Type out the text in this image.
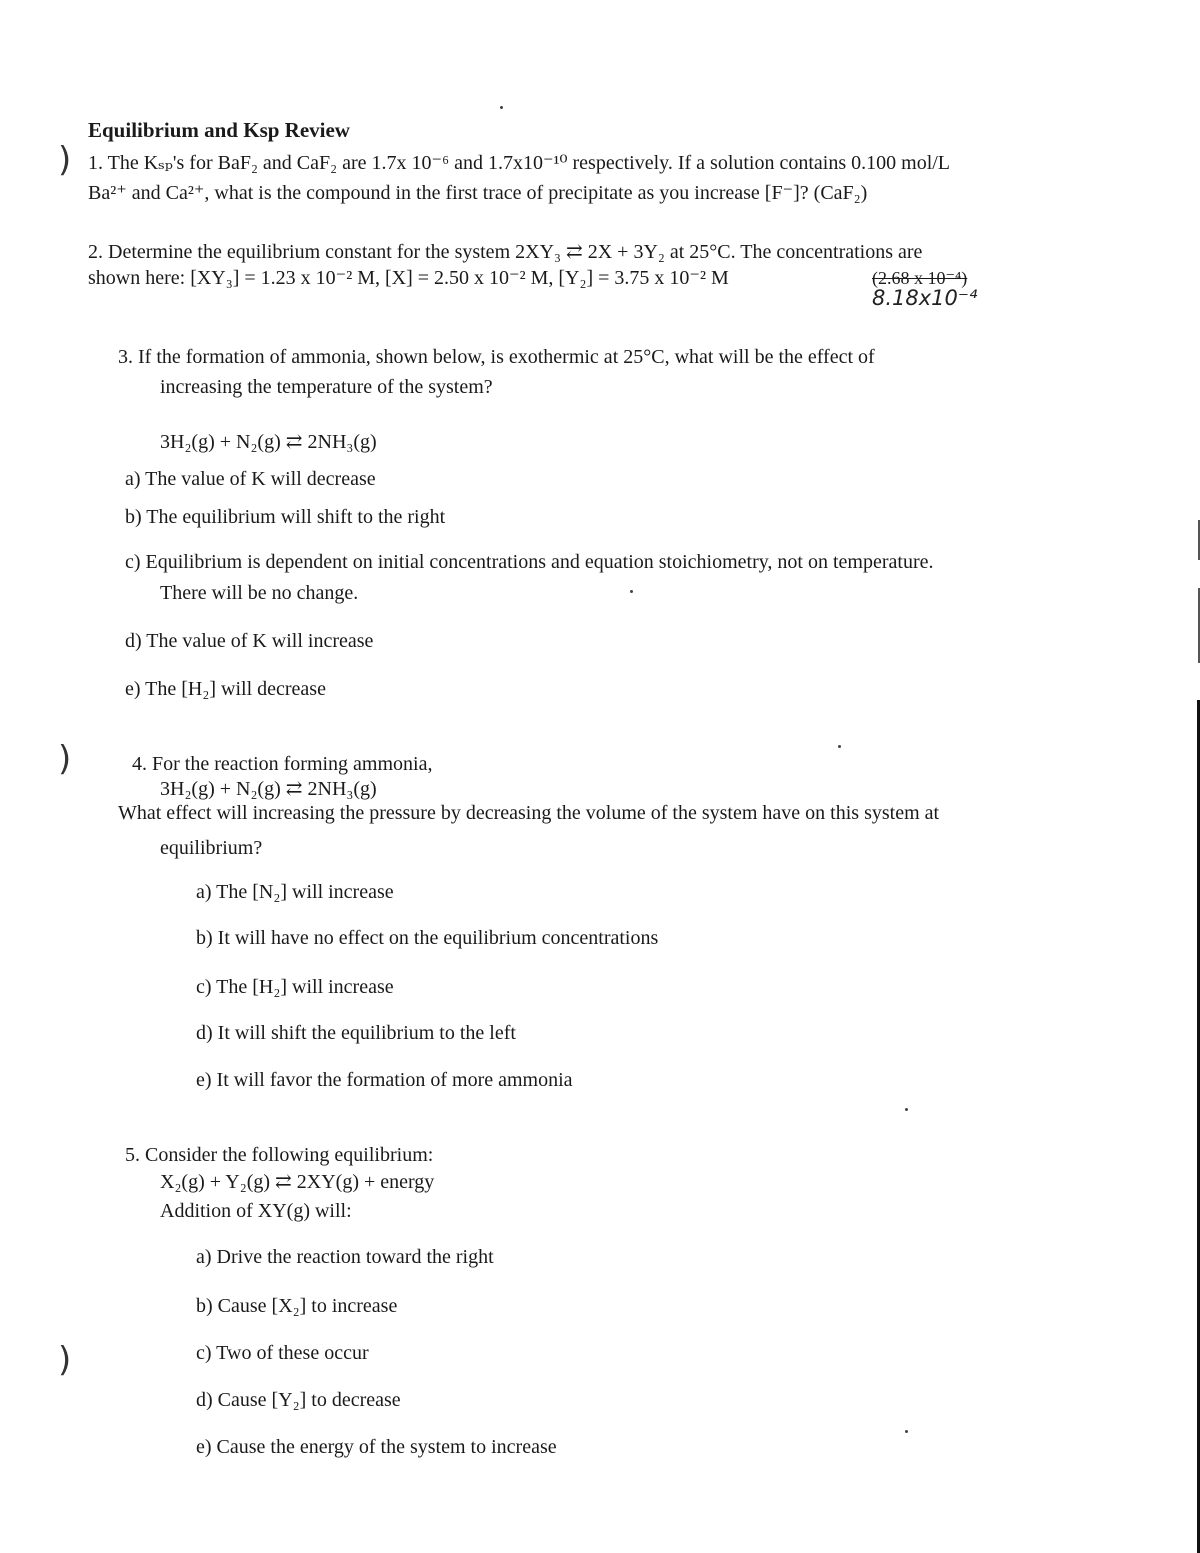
Equilibrium and Ksp Review
1. The Kₛₚ's for BaF₂ and CaF₂ are 1.7x 10⁻⁶ and 1.7x10⁻¹⁰ respectively. If a solution contains 0.100 mol/L
Ba²⁺ and Ca²⁺, what is the compound in the first trace of precipitate as you increase [F⁻]? (CaF₂)
2. Determine the equilibrium constant for the system 2XY₃ ⇄ 2X + 3Y₂ at 25°C. The concentrations are
shown here: [XY₃] = 1.23 x 10⁻² M, [X] = 2.50 x 10⁻² M, [Y₂] = 3.75 x 10⁻² M	(2.68 x 10⁻⁴)
8.18x10⁻⁴
3. If the formation of ammonia, shown below, is exothermic at 25°C, what will be the effect of
increasing the temperature of the system?
3H₂(g) + N₂(g) ⇄ 2NH₃(g)
a) The value of K will decrease
b) The equilibrium will shift to the right
c) Equilibrium is dependent on initial concentrations and equation stoichiometry, not on temperature.
There will be no change.
d) The value of K will increase
e) The [H₂] will decrease
4. For the reaction forming ammonia,
3H₂(g) + N₂(g) ⇄ 2NH₃(g)
What effect will increasing the pressure by decreasing the volume of the system have on this system at
equilibrium?
a) The [N₂] will increase
b) It will have no effect on the equilibrium concentrations
c) The [H₂] will increase
d) It will shift the equilibrium to the left
e) It will favor the formation of more ammonia
5. Consider the following equilibrium:
X₂(g) + Y₂(g) ⇄ 2XY(g) + energy
Addition of XY(g) will:
a) Drive the reaction toward the right
b) Cause [X₂] to increase
c) Two of these occur
d) Cause [Y₂] to decrease
e) Cause the energy of the system to increase
)
)
)
